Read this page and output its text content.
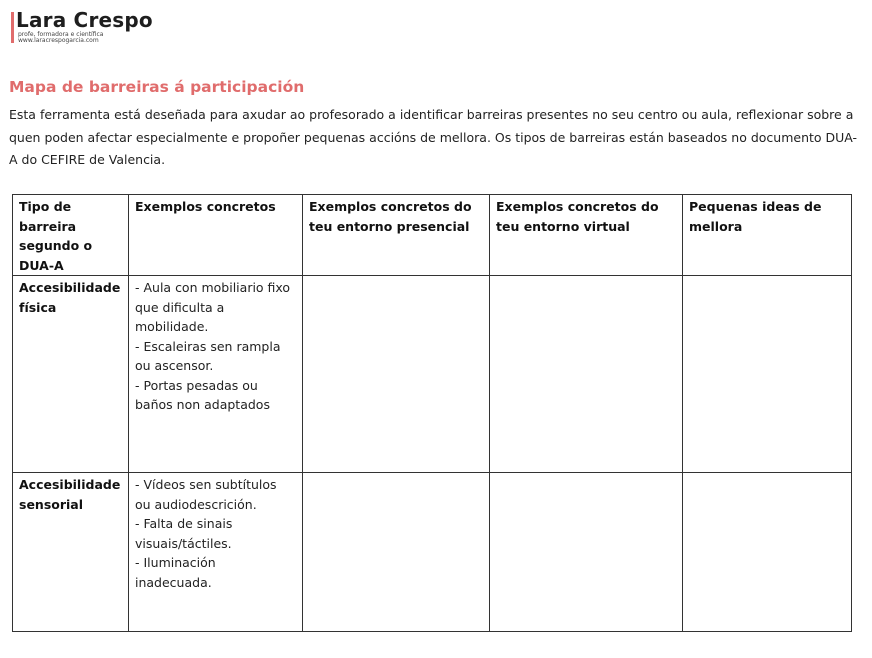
Lara Crespo
profe, formadora e científica
www.laracrespogarcia.com
Mapa de barreiras á participación
Esta ferramenta está deseñada para axudar ao profesorado a identificar barreiras presentes no seu centro ou aula, reflexionar sobre a quen poden afectar especialmente e propoñer pequenas accións de mellora. Os tipos de barreiras están baseados no documento DUA-A do CEFIRE de Valencia.
Tipo de barreira segundo o DUA-A	Exemplos concretos	Exemplos concretos do teu entorno presencial	Exemplos concretos do teu entorno virtual	Pequenas ideas de mellora
Accesibilidade física	- Aula con mobiliario fixo que dificulta a mobilidade.
- Escaleiras sen rampla ou ascensor.
- Portas pesadas ou baños non adaptados			
Accesibilidade sensorial	- Vídeos sen subtítulos ou audiodescrición.
- Falta de sinais visuais/táctiles.
- Iluminación inadecuada.			
